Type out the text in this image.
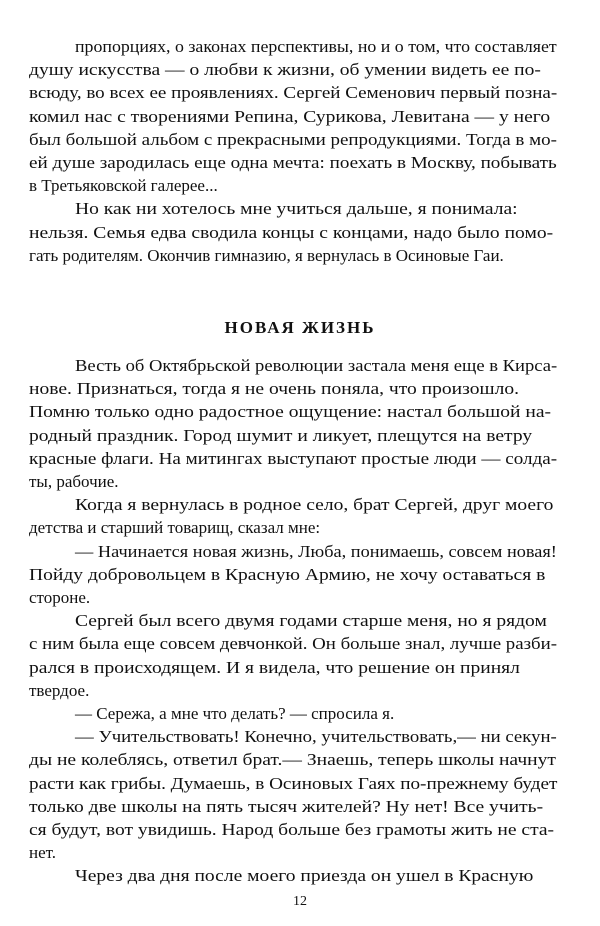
пропорциях, о законах перспективы, но и о том, что составляет
душу искусства — о любви к жизни, об умении видеть ее по-
всюду, во всех ее проявлениях. Сергей Семенович первый позна-
комил нас с творениями Репина, Сурикова, Левитана — у него
был большой альбом с прекрасными репродукциями. Тогда в мо-
ей душе зародилась еще одна мечта: поехать в Москву, побывать
в Третьяковской галерее...
Но как ни хотелось мне учиться дальше, я понимала:
нельзя. Семья едва сводила концы с концами, надо было помо-
гать родителям. Окончив гимназию, я вернулась в Осиновые Гаи.
НОВАЯ ЖИЗНЬ
Весть об Октябрьской революции застала меня еще в Кирса-
нове. Признаться, тогда я не очень поняла, что произошло.
Помню только одно радостное ощущение: настал большой на-
родный праздник. Город шумит и ликует, плещутся на ветру
красные флаги. На митингах выступают простые люди — солда-
ты, рабочие.
Когда я вернулась в родное село, брат Сергей, друг моего
детства и старший товарищ, сказал мне:
— Начинается новая жизнь, Люба, понимаешь, совсем новая!
Пойду добровольцем в Красную Армию, не хочу оставаться в
стороне.
Сергей был всего двумя годами старше меня, но я рядом
с ним была еще совсем девчонкой. Он больше знал, лучше разби-
рался в происходящем. И я видела, что решение он принял
твердое.
— Сережа, а мне что делать? — спросила я.
— Учительствовать! Конечно, учительствовать,— ни секун-
ды не колеблясь, ответил брат.— Знаешь, теперь школы начнут
расти как грибы. Думаешь, в Осиновых Гаях по-прежнему будет
только две школы на пять тысяч жителей? Ну нет! Все учить-
ся будут, вот увидишь. Народ больше без грамоты жить не ста-
нет.
Через два дня после моего приезда он ушел в Красную
12
